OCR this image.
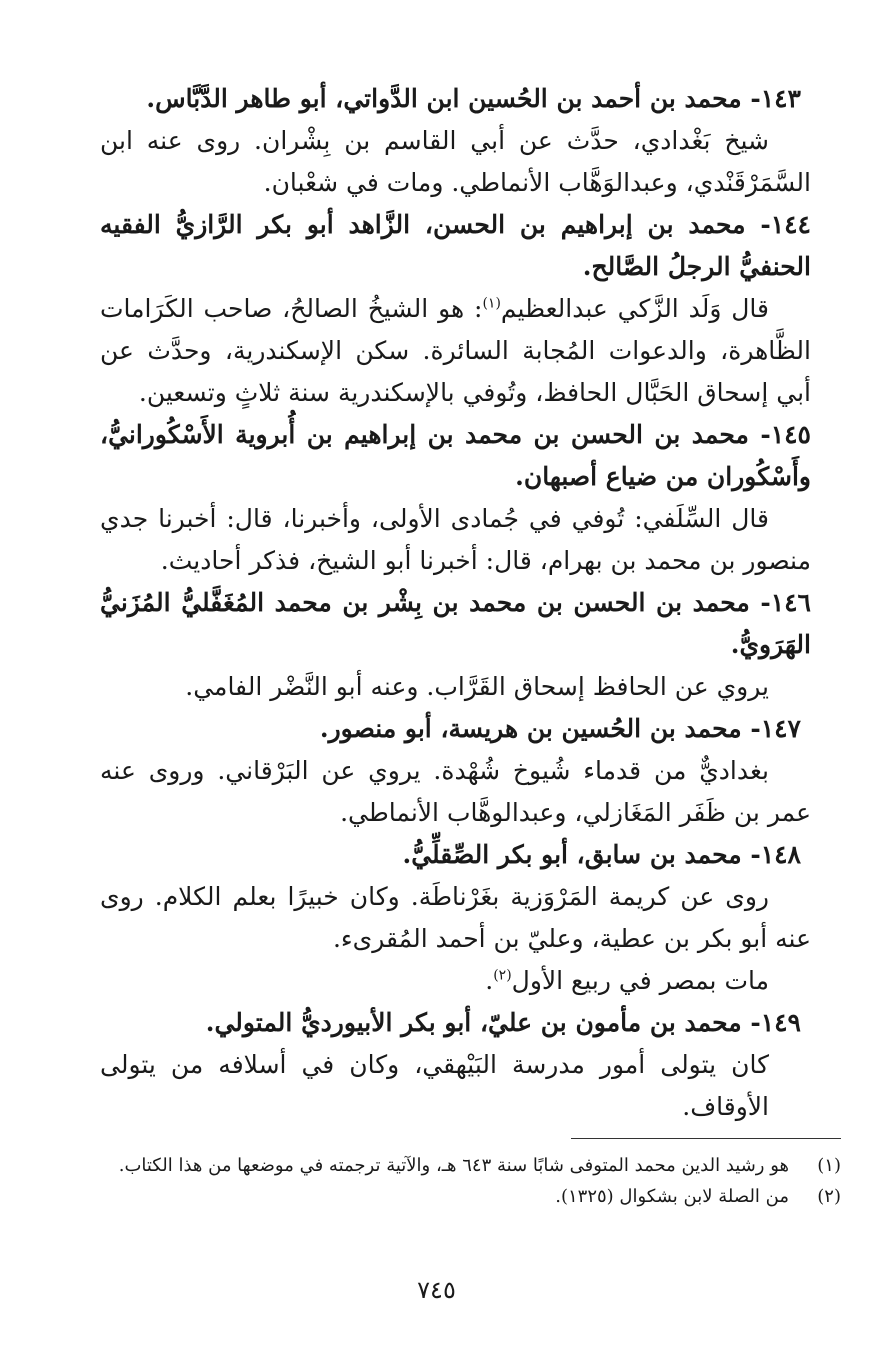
١٤٣- محمد بن أحمد بن الحُسين ابن الدَّواتي، أبو طاهر الدَّبَّاس.

شيخ بَغْدادي، حدَّث عن أبي القاسم بن بِشْران. روى عنه ابن السَّمَرْقَنْدي، وعبدالوَهَّاب الأنماطي. ومات في شعْبان.

١٤٤- محمد بن إبراهيم بن الحسن، الزَّاهد أبو بكر الرَّازيُّ الفقيه الحنفيُّ الرجلُ الصَّالح.

قال وَلَد الزَّكي عبدالعظيم$^{(١)}$: هو الشيخُ الصالحُ، صاحب الكَرَامات الظَّاهرة، والدعوات المُجابة السائرة. سكن الإسكندرية، وحدَّث عن أبي إسحاق الحَبَّال الحافظ، وتُوفي بالإسكندرية سنة ثلاثٍ وتسعين.

١٤٥- محمد بن الحسن بن محمد بن إبراهيم بن أُبروية الأَسْكُورانيُّ، وأَسْكُوران من ضياع أصبهان.

قال السِّلَفي: تُوفي في جُمادى الأولى، وأخبرنا، قال: أخبرنا جدي منصور بن محمد بن بهرام، قال: أخبرنا أبو الشيخ، فذكر أحاديث.

١٤٦- محمد بن الحسن بن محمد بن بِشْر بن محمد المُغَفَّليُّ المُزَنيُّ الهَرَويُّ.

يروي عن الحافظ إسحاق القَرَّاب. وعنه أبو النَّضْر الفامي.

١٤٧- محمد بن الحُسين بن هريسة، أبو منصور.

بغداديٌّ من قدماء شُيوخ شُهْدة. يروي عن البَرْقاني. وروى عنه عمر بن ظَفَر المَغَازلي، وعبدالوهَّاب الأنماطي.

١٤٨- محمد بن سابق، أبو بكر الصِّقلِّيُّ.

روى عن كريمة المَرْوَزية بغَرْناطَة. وكان خبيرًا بعلم الكلام. روى عنه أبو بكر بن عطية، وعليّ بن أحمد المُقرىء.

مات بمصر في ربيع الأول$^{(٢)}$.

١٤٩- محمد بن مأمون بن عليّ، أبو بكر الأبيورديُّ المتولي.

كان يتولى أمور مدرسة البَيْهقي، وكان في أسلافه من يتولى الأوقاف.

(١)
هو رشيد الدين محمد المتوفى شابًا سنة ٦٤٣ هـ، والآتية ترجمته في موضعها من هذا الكتاب.
(٢)
من الصلة لابن بشكوال (١٣٢٥).
٧٤٥
